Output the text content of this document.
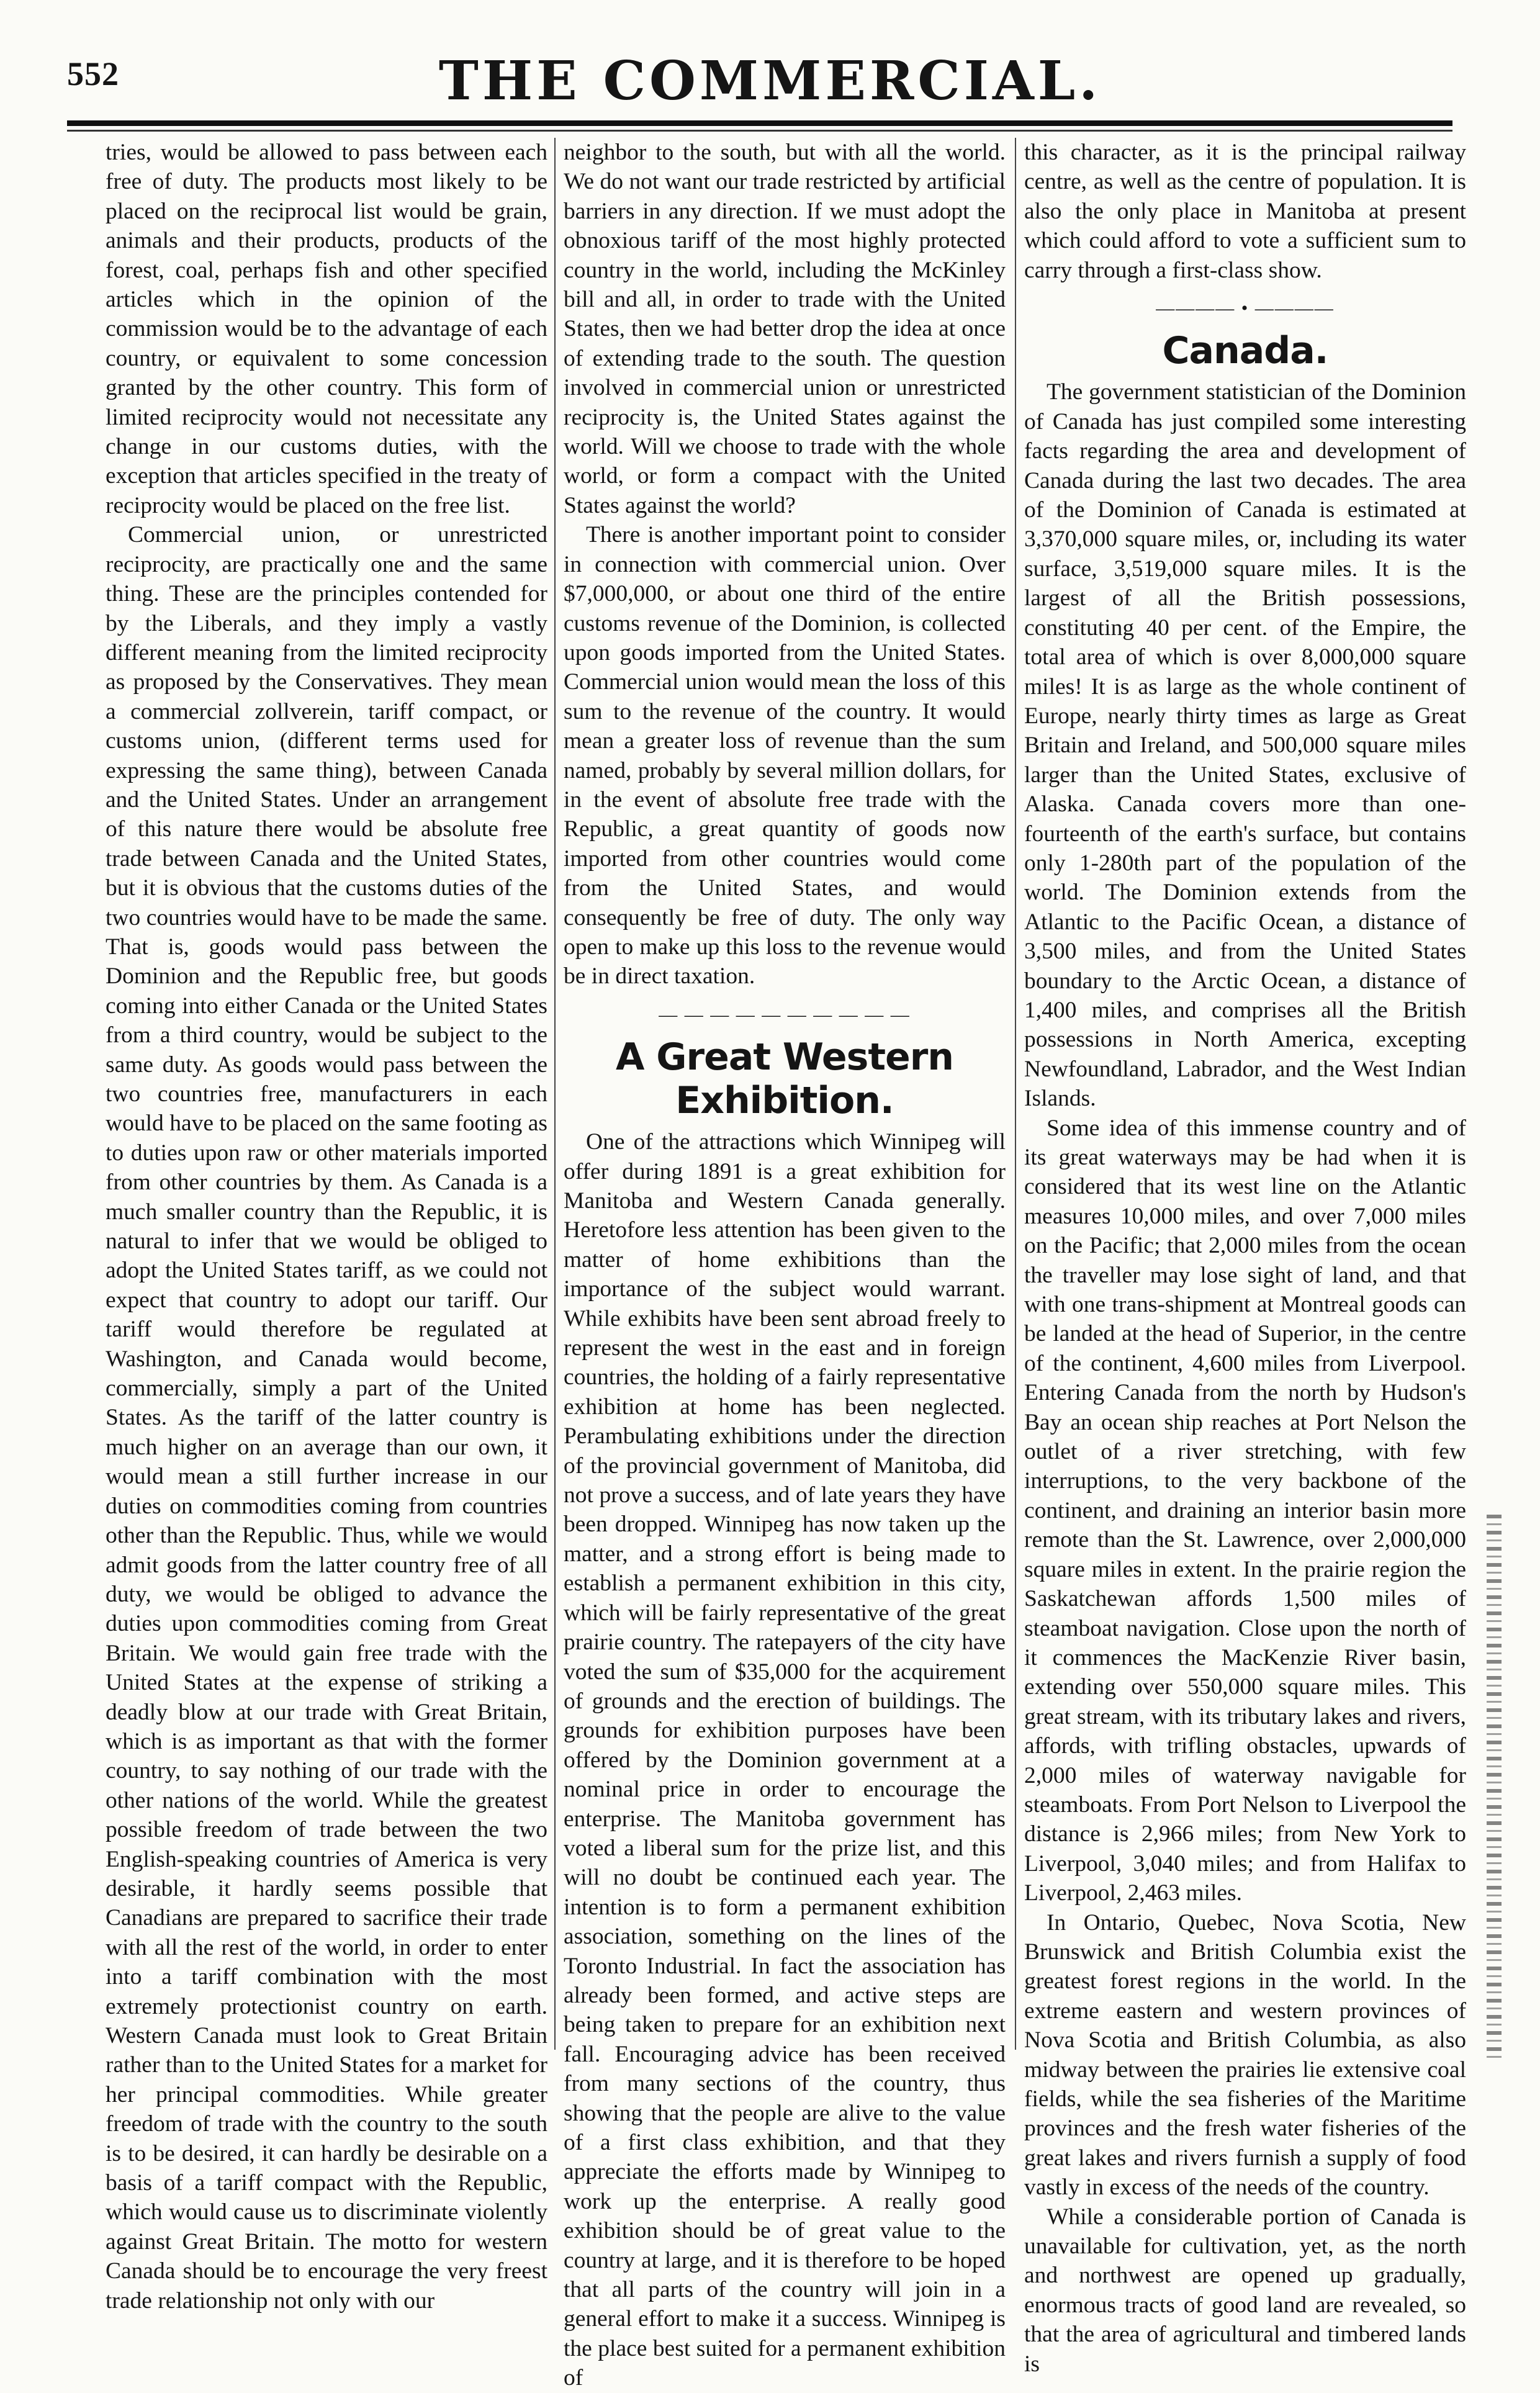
552	THE COMMERCIAL.

tries, would be allowed to pass between each free of duty. The products most likely to be placed on the reciprocal list would be grain, animals and their products, products of the forest, coal, perhaps fish and other specified articles which in the opinion of the commission would be to the advantage of each country, or equivalent to some concession granted by the other country. This form of limited reciprocity would not necessitate any change in our customs duties, with the exception that articles specified in the treaty of reciprocity would be placed on the free list.

Commercial union, or unrestricted reciprocity, are practically one and the same thing. These are the principles contended for by the Liberals, and they imply a vastly different meaning from the limited reciprocity as proposed by the Conservatives. They mean a commercial zollverein, tariff compact, or customs union, (different terms used for expressing the same thing), between Canada and the United States. Under an arrangement of this nature there would be absolute free trade between Canada and the United States, but it is obvious that the customs duties of the two countries would have to be made the same. That is, goods would pass between the Dominion and the Republic free, but goods coming into either Canada or the United States from a third country, would be subject to the same duty. As goods would pass between the two countries free, manufacturers in each would have to be placed on the same footing as to duties upon raw or other materials imported from other countries by them. As Canada is a much smaller country than the Republic, it is natural to infer that we would be obliged to adopt the United States tariff, as we could not expect that country to adopt our tariff. Our tariff would therefore be regulated at Washington, and Canada would become, commercially, simply a part of the United States. As the tariff of the latter country is much higher on an average than our own, it would mean a still further increase in our duties on commodities coming from countries other than the Republic. Thus, while we would admit goods from the latter country free of all duty, we would be obliged to advance the duties upon commodities coming from Great Britain. We would gain free trade with the United States at the expense of striking a deadly blow at our trade with Great Britain, which is as important as that with the former country, to say nothing of our trade with the other nations of the world. While the greatest possible freedom of trade between the two English-speaking countries of America is very desirable, it hardly seems possible that Canadians are prepared to sacrifice their trade with all the rest of the world, in order to enter into a tariff combination with the most extremely protectionist country on earth. Western Canada must look to Great Britain rather than to the United States for a market for her principal commodities. While greater freedom of trade with the country to the south is to be desired, it can hardly be desirable on a basis of a tariff compact with the Republic, which would cause us to discriminate violently against Great Britain. The motto for western Canada should be to encourage the very freest trade relationship not only with our

neighbor to the south, but with all the world. We do not want our trade restricted by artificial barriers in any direction. If we must adopt the obnoxious tariff of the most highly protected country in the world, including the McKinley bill and all, in order to trade with the United States, then we had better drop the idea at once of extending trade to the south. The question involved in commercial union or unrestricted reciprocity is, the United States against the world. Will we choose to trade with the whole world, or form a compact with the United States against the world?

There is another important point to consider in connection with commercial union. Over $7,000,000, or about one third of the entire customs revenue of the Dominion, is collected upon goods imported from the United States. Commercial union would mean the loss of this sum to the revenue of the country. It would mean a greater loss of revenue than the sum named, probably by several million dollars, for in the event of absolute free trade with the Republic, a great quantity of goods now imported from other countries would come from the United States, and would consequently be free of duty. The only way open to make up this loss to the revenue would be in direct taxation.

— — — — — — — — — —
A Great Western Exhibition.

One of the attractions which Winnipeg will offer during 1891 is a great exhibition for Manitoba and Western Canada generally. Heretofore less attention has been given to the matter of home exhibitions than the importance of the subject would warrant. While exhibits have been sent abroad freely to represent the west in the east and in foreign countries, the holding of a fairly representative exhibition at home has been neglected. Perambulating exhibitions under the direction of the provincial government of Manitoba, did not prove a success, and of late years they have been dropped. Winnipeg has now taken up the matter, and a strong effort is being made to establish a permanent exhibition in this city, which will be fairly representative of the great prairie country. The ratepayers of the city have voted the sum of $35,000 for the acquirement of grounds and the erection of buildings. The grounds for exhibition purposes have been offered by the Dominion government at a nominal price in order to encourage the enterprise. The Manitoba government has voted a liberal sum for the prize list, and this will no doubt be continued each year. The intention is to form a permanent exhibition association, something on the lines of the Toronto Industrial. In fact the association has already been formed, and active steps are being taken to prepare for an exhibition next fall. Encouraging advice has been received from many sections of the country, thus showing that the people are alive to the value of a first class exhibition, and that they appreciate the efforts made by Winnipeg to work up the enterprise. A really good exhibition should be of great value to the country at large, and it is therefore to be hoped that all parts of the country will join in a general effort to make it a success. Winnipeg is the place best suited for a permanent exhibition of

this character, as it is the principal railway centre, as well as the centre of population. It is also the only place in Manitoba at present which could afford to vote a sufficient sum to carry through a first-class show.

———— • ————
Canada.

The government statistician of the Dominion of Canada has just compiled some interesting facts regarding the area and development of Canada during the last two decades. The area of the Dominion of Canada is estimated at 3,370,000 square miles, or, including its water surface, 3,519,000 square miles. It is the largest of all the British possessions, constituting 40 per cent. of the Empire, the total area of which is over 8,000,000 square miles! It is as large as the whole continent of Europe, nearly thirty times as large as Great Britain and Ireland, and 500,000 square miles larger than the United States, exclusive of Alaska. Canada covers more than one-fourteenth of the earth's surface, but contains only 1-280th part of the population of the world. The Dominion extends from the Atlantic to the Pacific Ocean, a distance of 3,500 miles, and from the United States boundary to the Arctic Ocean, a distance of 1,400 miles, and comprises all the British possessions in North America, excepting Newfoundland, Labrador, and the West Indian Islands.

Some idea of this immense country and of its great waterways may be had when it is considered that its west line on the Atlantic measures 10,000 miles, and over 7,000 miles on the Pacific; that 2,000 miles from the ocean the traveller may lose sight of land, and that with one trans-shipment at Montreal goods can be landed at the head of Superior, in the centre of the continent, 4,600 miles from Liverpool. Entering Canada from the north by Hudson's Bay an ocean ship reaches at Port Nelson the outlet of a river stretching, with few interruptions, to the very backbone of the continent, and draining an interior basin more remote than the St. Lawrence, over 2,000,000 square miles in extent. In the prairie region the Saskatchewan affords 1,500 miles of steamboat navigation. Close upon the north of it commences the MacKenzie River basin, extending over 550,000 square miles. This great stream, with its tributary lakes and rivers, affords, with trifling obstacles, upwards of 2,000 miles of waterway navigable for steamboats. From Port Nelson to Liverpool the distance is 2,966 miles; from New York to Liverpool, 3,040 miles; and from Halifax to Liverpool, 2,463 miles.

In Ontario, Quebec, Nova Scotia, New Brunswick and British Columbia exist the greatest forest regions in the world. In the extreme eastern and western provinces of Nova Scotia and British Columbia, as also midway between the prairies lie extensive coal fields, while the sea fisheries of the Maritime provinces and the fresh water fisheries of the great lakes and rivers furnish a supply of food vastly in excess of the needs of the country.

While a considerable portion of Canada is unavailable for cultivation, yet, as the north and northwest are opened up gradually, enormous tracts of good land are revealed, so that the area of agricultural and timbered lands is
